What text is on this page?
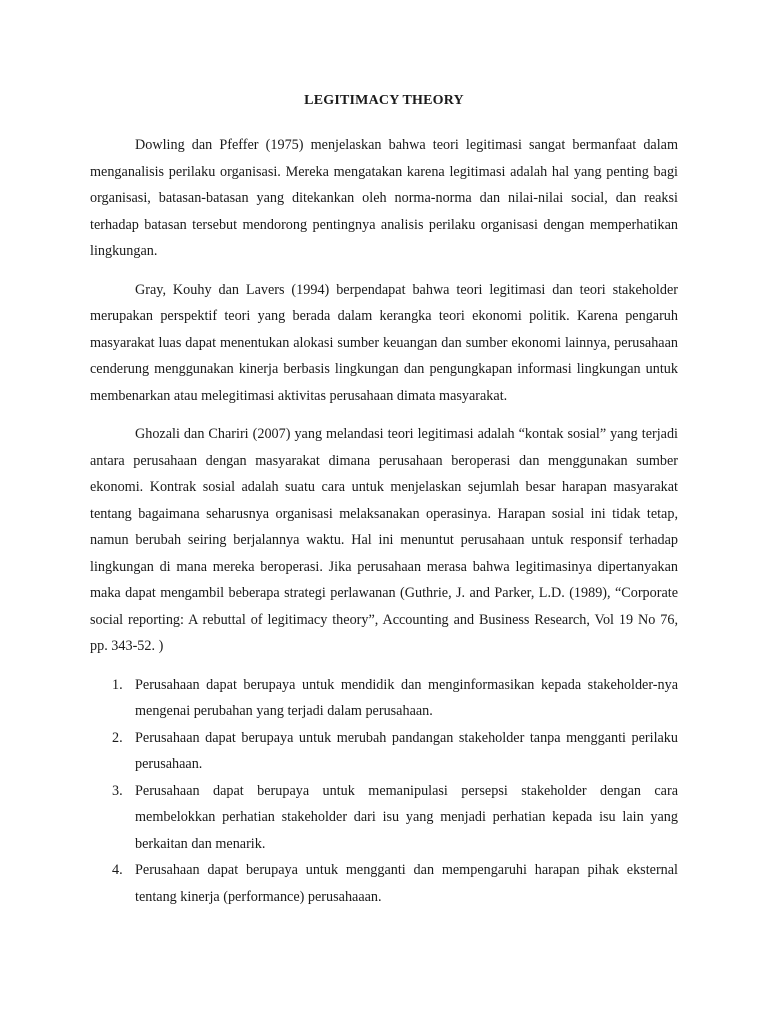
LEGITIMACY THEORY

Dowling dan Pfeffer (1975) menjelaskan bahwa teori legitimasi sangat bermanfaat dalam menganalisis perilaku organisasi. Mereka mengatakan karena legitimasi adalah hal yang penting bagi organisasi, batasan-batasan yang ditekankan oleh norma-norma dan nilai-nilai social, dan reaksi terhadap batasan tersebut mendorong pentingnya analisis perilaku organisasi dengan memperhatikan lingkungan.

Gray, Kouhy dan Lavers (1994) berpendapat bahwa teori legitimasi dan teori stakeholder merupakan perspektif teori yang berada dalam kerangka teori ekonomi politik. Karena pengaruh masyarakat luas dapat menentukan alokasi sumber keuangan dan sumber ekonomi lainnya, perusahaan cenderung menggunakan kinerja berbasis lingkungan dan pengungkapan informasi lingkungan untuk membenarkan atau melegitimasi aktivitas perusahaan dimata masyarakat.

Ghozali dan Chariri (2007) yang melandasi teori legitimasi adalah “kontak sosial” yang terjadi antara perusahaan dengan masyarakat dimana perusahaan beroperasi dan menggunakan sumber ekonomi. Kontrak sosial adalah suatu cara untuk menjelaskan sejumlah besar harapan masyarakat tentang bagaimana seharusnya organisasi melaksanakan operasinya. Harapan sosial ini tidak tetap, namun berubah seiring berjalannya waktu. Hal ini menuntut perusahaan untuk responsif terhadap lingkungan di mana mereka beroperasi. Jika perusahaan merasa bahwa legitimasinya dipertanyakan maka dapat mengambil beberapa strategi perlawanan (Guthrie, J. and Parker, L.D. (1989), “Corporate social reporting: A rebuttal of legitimacy theory”, Accounting and Business Research, Vol 19 No 76, pp. 343-52. )

1. Perusahaan dapat berupaya untuk mendidik dan menginformasikan kepada stakeholder-nya mengenai perubahan yang terjadi dalam perusahaan.
2. Perusahaan dapat berupaya untuk merubah pandangan stakeholder tanpa mengganti perilaku perusahaan.
3. Perusahaan dapat berupaya untuk memanipulasi persepsi stakeholder dengan cara membelokkan perhatian stakeholder dari isu yang menjadi perhatian kepada isu lain yang berkaitan dan menarik.
4. Perusahaan dapat berupaya untuk mengganti dan mempengaruhi harapan pihak eksternal tentang kinerja (performance) perusahaaan.
